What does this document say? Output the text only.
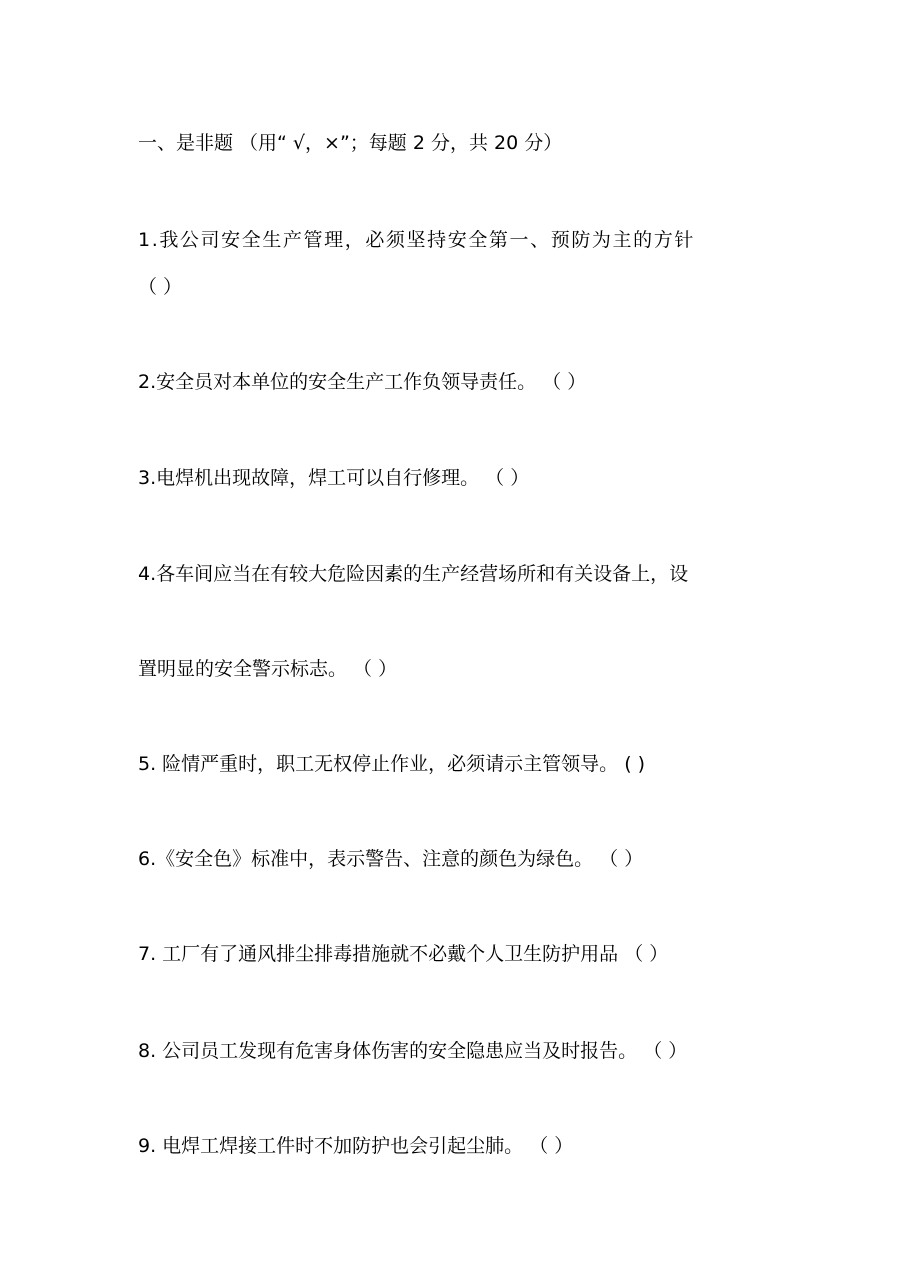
一、是非题 （用“ √，×”；每题 2 分，共 20 分）
1.我公司安全生产管理，必须坚持安全第一、预防为主的方针
（ ）
2.安全员对本单位的安全生产工作负领导责任。 （ ）
3.电焊机出现故障，焊工可以自行修理。 （ ）
4.各车间应当在有较大危险因素的生产经营场所和有关设备上，设
置明显的安全警示标志。 （ ）
5. 险情严重时，职工无权停止作业，必须请示主管领导。 ( )
6.《安全色》标准中，表示警告、注意的颜色为绿色。 （ ）
7. 工厂有了通风排尘排毒措施就不必戴个人卫生防护用品 （ ）
8. 公司员工发现有危害身体伤害的安全隐患应当及时报告。 （ ）
9. 电焊工焊接工件时不加防护也会引起尘肺。 （ ）
